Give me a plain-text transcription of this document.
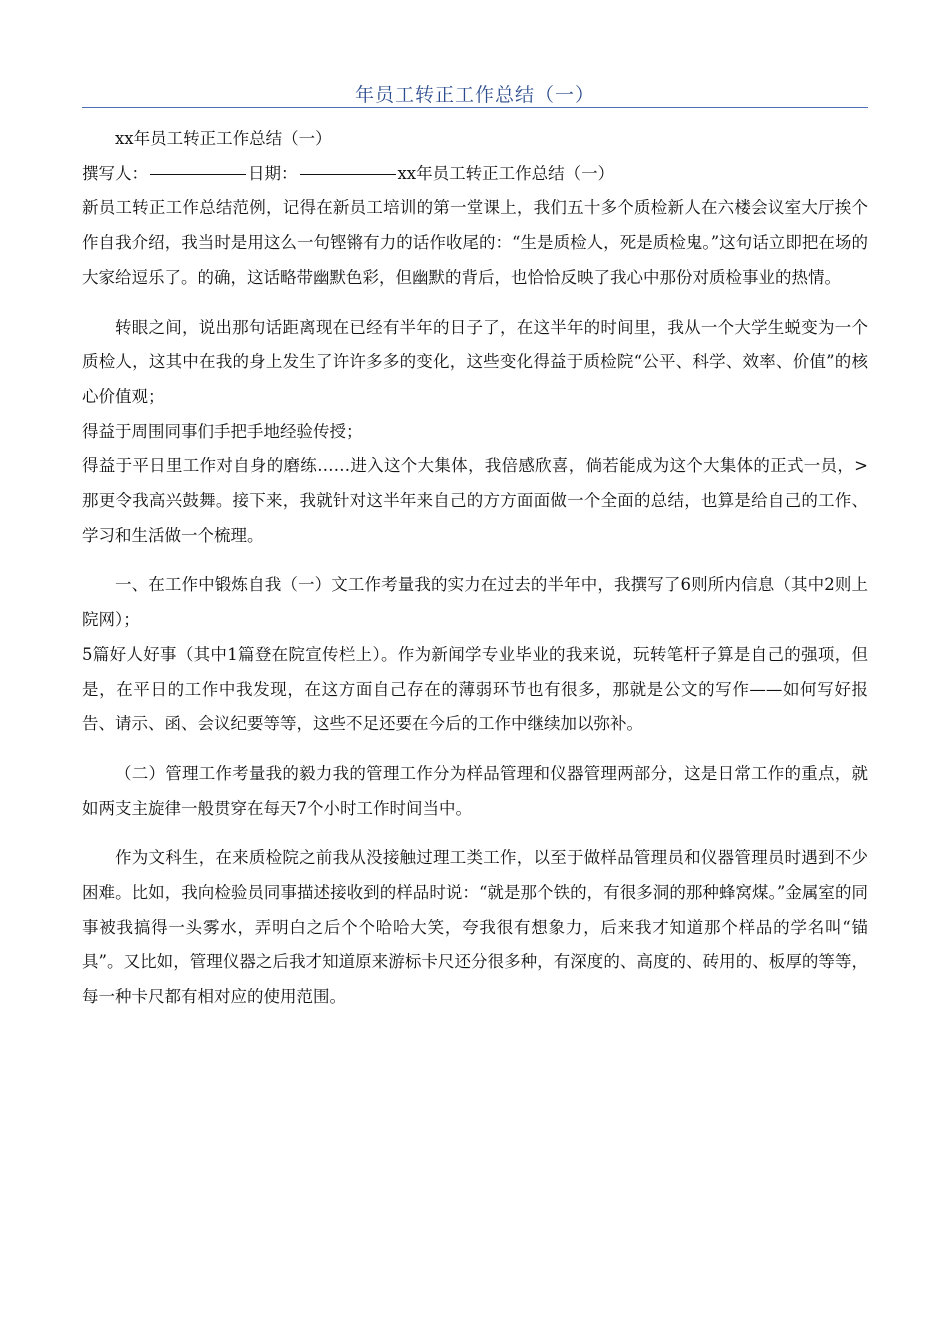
年员工转正工作总结（一）

xx年员工转正工作总结（一）

撰写人：	日期：	xx年员工转正工作总结（一）

新员工转正工作总结范例，记得在新员工培训的第一堂课上，我们五十多个质检新人在六楼会议室大厅挨个作自我介绍，我当时是用这么一句铿锵有力的话作收尾的：“生是质检人，死是质检鬼。”这句话立即把在场的大家给逗乐了。的确，这话略带幽默色彩，但幽默的背后，也恰恰反映了我心中那份对质检事业的热情。

转眼之间，说出那句话距离现在已经有半年的日子了，在这半年的时间里，我从一个大学生蜕变为一个质检人，这其中在我的身上发生了许许多多的变化，这些变化得益于质检院“公平、科学、效率、价值”的核心价值观；

得益于周围同事们手把手地经验传授；

得益于平日里工作对自身的磨练……进入这个大集体，我倍感欣喜，倘若能成为这个大集体的正式一员，>那更令我高兴鼓舞。接下来，我就针对这半年来自己的方方面面做一个全面的总结，也算是给自己的工作、学习和生活做一个梳理。

一、在工作中锻炼自我（一）文工作考量我的实力在过去的半年中，我撰写了6则所内信息（其中2则上院网）；

5篇好人好事（其中1篇登在院宣传栏上）。作为新闻学专业毕业的我来说，玩转笔杆子算是自己的强项，但是，在平日的工作中我发现，在这方面自己存在的薄弱环节也有很多，那就是公文的写作——如何写好报告、请示、函、会议纪要等等，这些不足还要在今后的工作中继续加以弥补。

（二）管理工作考量我的毅力我的管理工作分为样品管理和仪器管理两部分，这是日常工作的重点，就如两支主旋律一般贯穿在每天7个小时工作时间当中。

作为文科生，在来质检院之前我从没接触过理工类工作，以至于做样品管理员和仪器管理员时遇到不少困难。比如，我向检验员同事描述接收到的样品时说：“就是那个铁的，有很多洞的那种蜂窝煤。”金属室的同事被我搞得一头雾水，弄明白之后个个哈哈大笑，夸我很有想象力，后来我才知道那个样品的学名叫“锚具”。又比如，管理仪器之后我才知道原来游标卡尺还分很多种，有深度的、高度的、砖用的、板厚的等等，每一种卡尺都有相对应的使用范围。
